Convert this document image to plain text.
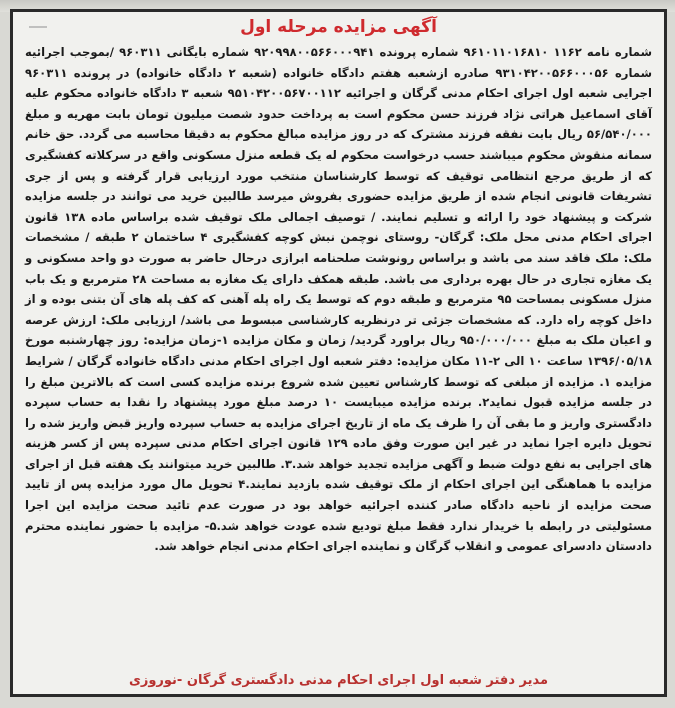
آگهی مزایده مرحله اول
شماره نامه ۱۱۶۲ ۹۶۱۰۱۱۰۱۶۸۱۰ شماره پرونده ۹۲۰۹۹۸۰۰۵۶۶۰۰۰۹۴۱ شماره بایگانی ۹۶۰۳۱۱ /بموجب اجرائیه شماره ۹۳۱۰۴۲۰۰۵۶۶۰۰۰۵۶ صادره ازشعبه هفتم دادگاه خانواده (شعبه ۲ دادگاه خانواده) در پرونده ۹۶۰۳۱۱ اجرایی شعبه اول اجرای احکام مدنی گرگان و اجرائیه ۹۵۱۰۴۲۰۰۵۶۷۰۰۱۱۲ شعبه ۳ دادگاه خانواده محکوم علیه آقای اسماعیل هراتی نژاد فرزند حسن محکوم است به پرداخت حدود شصت میلیون تومان بابت مهریه و مبلغ ۵۶/۵۴۰/۰۰۰ ریال بابت نفقه فرزند مشترک که در روز مزایده مبالغ محکوم به دقیقا محاسبه می گردد. حق خانم سمانه منقوش محکوم میباشند حسب درخواست محکوم له یک قطعه منزل مسکونی واقع در سرکلاته کفشگیری که از طریق مرجع انتظامی توقیف که توسط کارشناسان منتخب مورد ارزیابی قرار گرفته و پس از جری تشریفات قانونی انجام شده از طریق مزایده حضوری بفروش میرسد طالبین خرید می توانند در جلسه مزایده شرکت و پیشنهاد خود را ارائه و تسلیم نمایند. / توصیف اجمالی ملک توقیف شده براساس ماده ۱۳۸ قانون اجرای احکام مدنی محل ملک: گرگان- روستای نوچمن نبش کوچه کفشگیری ۴ ساختمان ۲ طبقه / مشخصات ملک: ملک فاقد سند می باشد و براساس رونوشت صلحنامه ابرازی درحال حاضر به صورت دو واحد مسکونی و یک مغازه تجاری در حال بهره برداری می باشد. طبقه همکف دارای یک مغازه به مساحت ۲۸ مترمربع و یک باب منزل مسکونی بمساحت ۹۵ مترمربع و طبقه دوم که توسط یک راه پله آهنی که کف پله های آن بتنی بوده و از داخل کوچه راه دارد. که مشخصات جزئی تر درنظریه کارشناسی مبسوط می باشد/ ارزیابی ملک: ارزش عرصه و اعیان ملک به مبلغ ۹۵۰/۰۰۰/۰۰۰ ریال براورد گردید/ زمان و مکان مزایده ۱-زمان مزایده: روز چهارشنبه مورخ ۱۳۹۶/۰۵/۱۸ ساعت ۱۰ الی ۲-۱۱ مکان مزایده: دفتر شعبه اول اجرای احکام مدنی دادگاه خانواده گرگان / شرایط مزایده ۱. مزایده از مبلغی که توسط کارشناس تعیین شده شروع برنده مزایده کسی است که بالاترین مبلغ را در جلسه مزایده قبول نماید۲. برنده مزایده میبایست ۱۰ درصد مبلغ مورد پیشنهاد را نقدا به حساب سپرده دادگستری واریز و ما بقی آن را ظرف یک ماه از تاریخ اجرای مزایده به حساب سپرده واریز قبض واریز شده را تحویل دایره اجرا نماید در غیر این صورت وفق ماده ۱۲۹ قانون اجرای احکام مدنی سپرده پس از کسر هزینه های اجرایی به نفع دولت ضبط و آگهی مزایده تجدید خواهد شد.۳. طالبین خرید میتوانند یک هفته قبل از اجرای مزایده با هماهنگی این اجرای احکام از ملک توقیف شده بازدید نمایند.۴ تحویل مال مورد مزایده پس از تایید صحت مزایده از ناحیه دادگاه صادر کننده اجرائیه خواهد بود در صورت عدم تائید صحت مزایده این اجرا مسئولیتی در رابطه با خریدار ندارد فقط مبلغ تودیع شده عودت خواهد شد.۵- مزایده با حضور نماینده محترم دادستان دادسرای عمومی و انقلاب گرگان و نماینده اجرای احکام مدنی انجام خواهد شد.
مدیر دفتر شعبه اول اجرای احکام مدنی دادگستری گرگان -نوروزی
